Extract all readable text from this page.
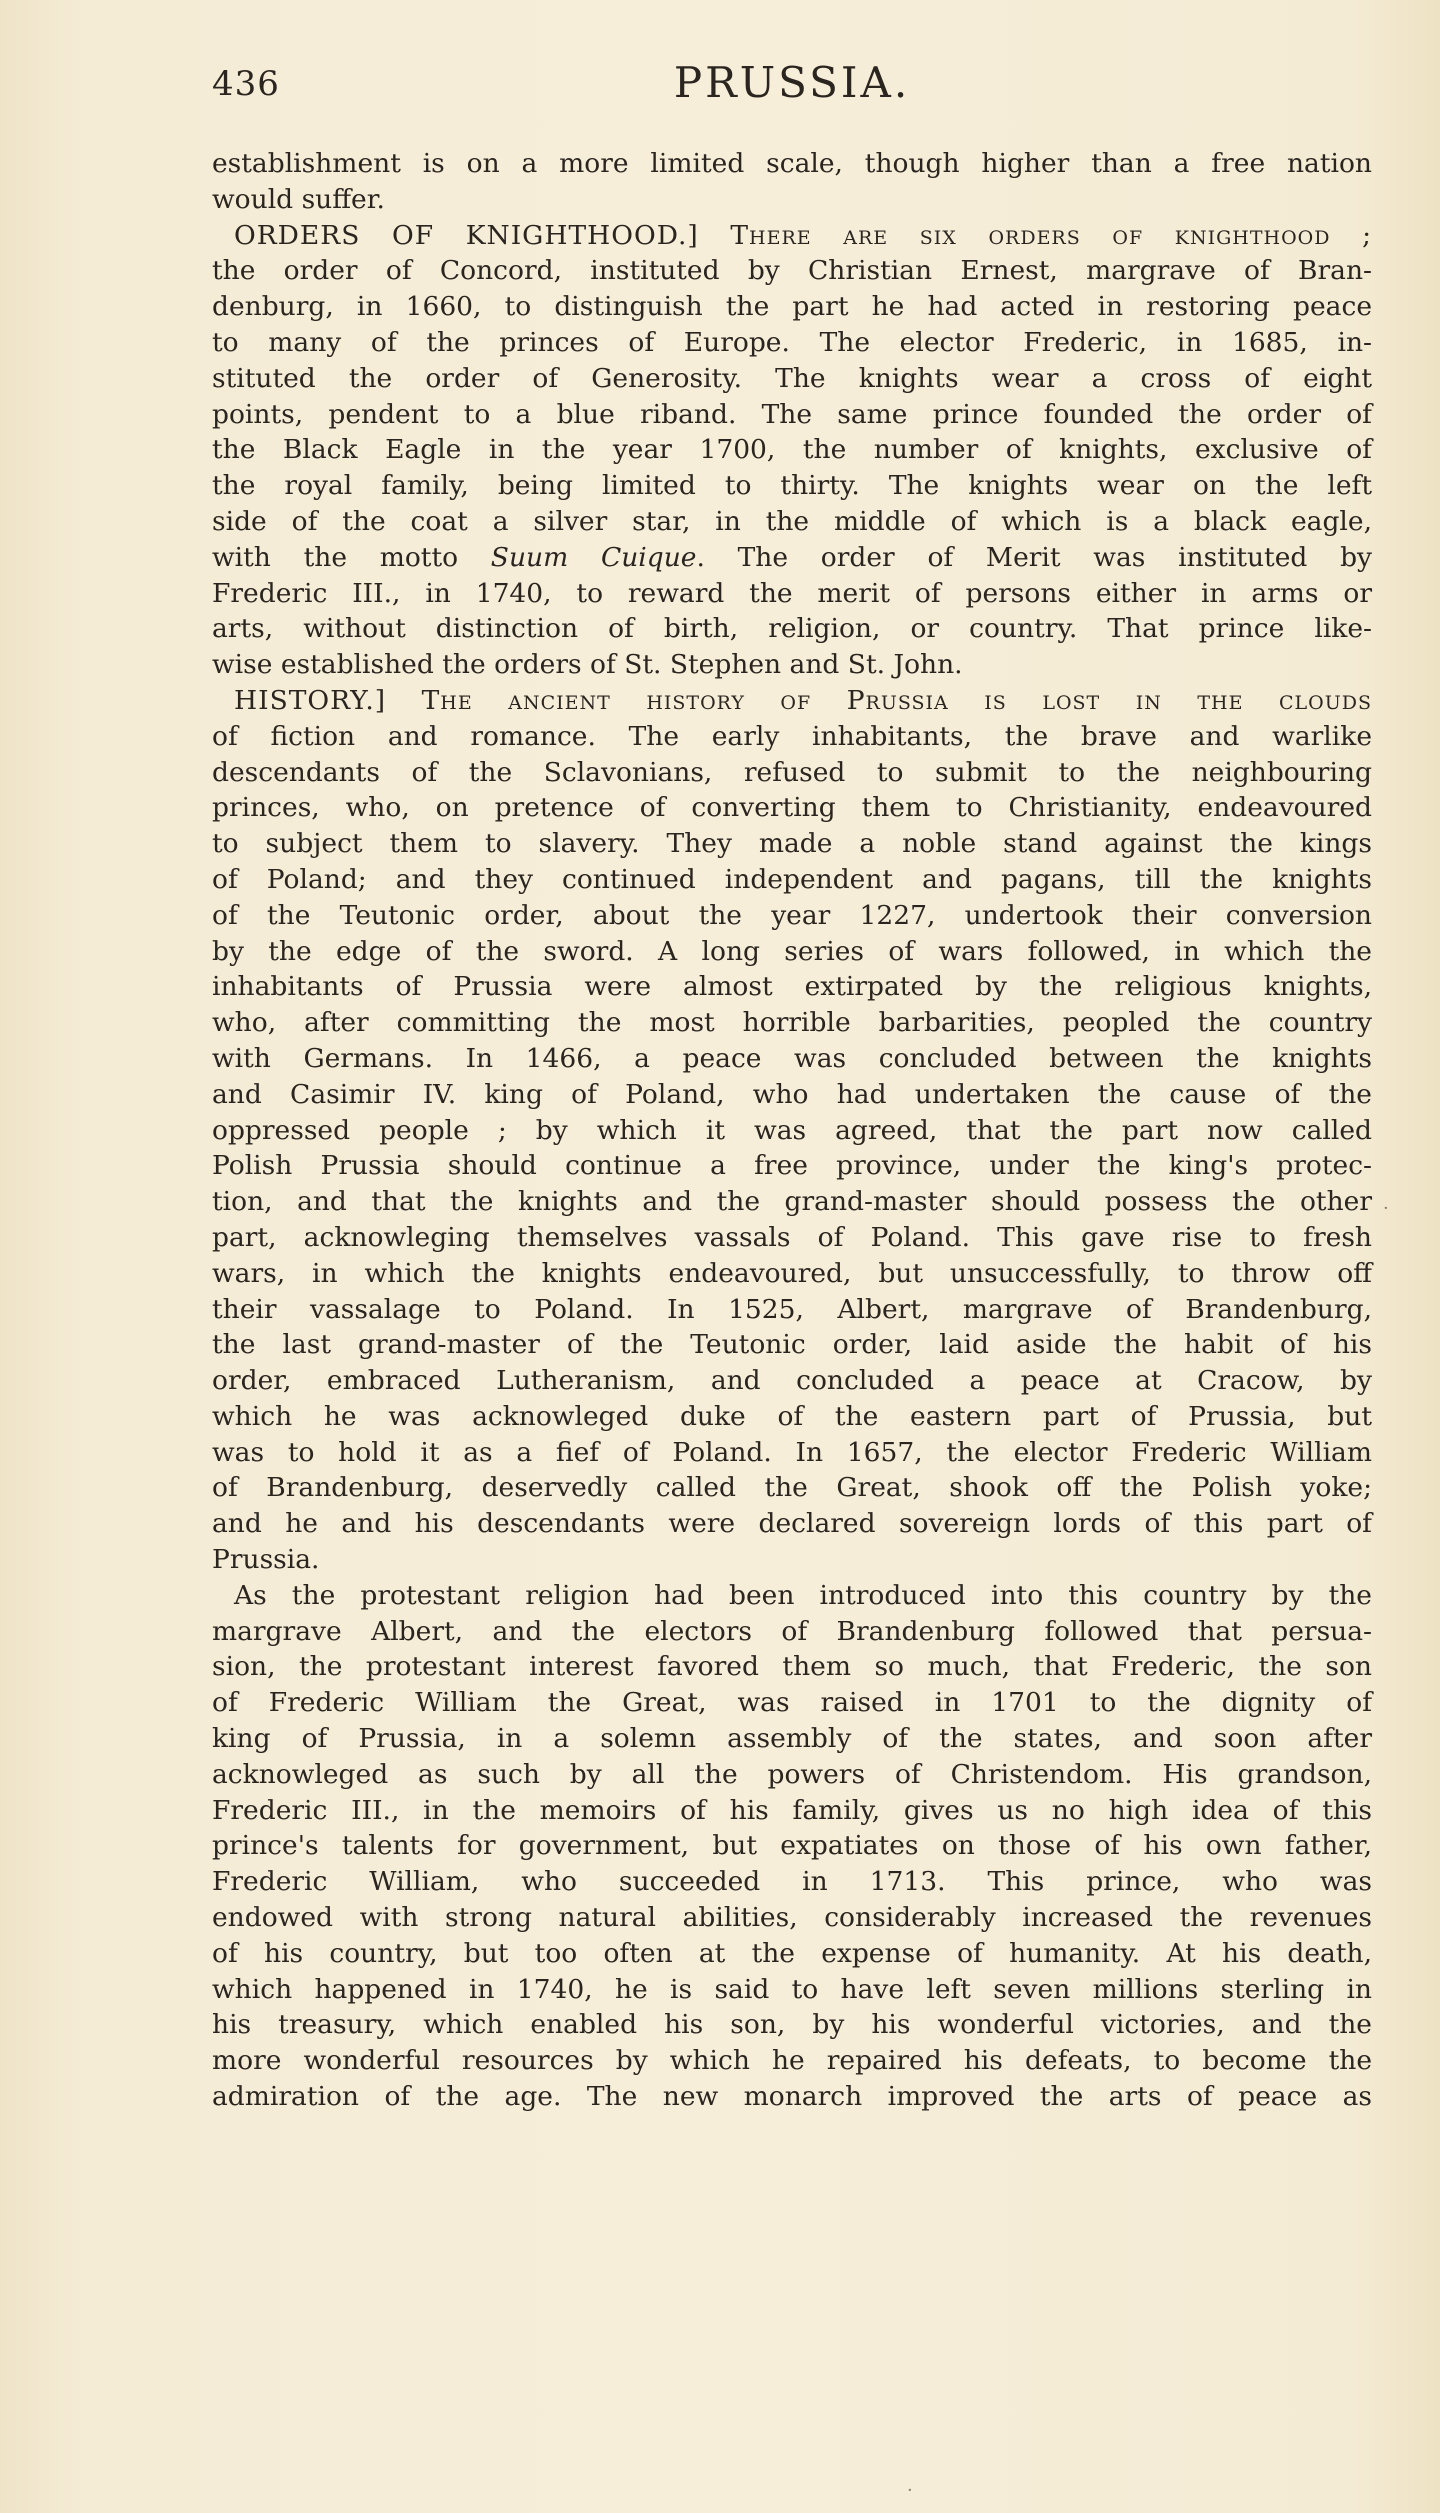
436	PRUSSIA.
establishment is on a more limited scale, though higher than a free nation
would suffer.
ORDERS OF KNIGHTHOOD.] There are six orders of knighthood ;
the order of Concord, instituted by Christian Ernest, margrave of Bran-
denburg, in 1660, to distinguish the part he had acted in restoring peace
to many of the princes of Europe. The elector Frederic, in 1685, in-
stituted the order of Generosity. The knights wear a cross of eight
points, pendent to a blue riband. The same prince founded the order of
the Black Eagle in the year 1700, the number of knights, exclusive of
the royal family, being limited to thirty. The knights wear on the left
side of the coat a silver star, in the middle of which is a black eagle,
with the motto Suum Cuique. The order of Merit was instituted by
Frederic III., in 1740, to reward the merit of persons either in arms or
arts, without distinction of birth, religion, or country. That prince like-
wise established the orders of St. Stephen and St. John.
HISTORY.] The ancient history of Prussia is lost in the clouds
of fiction and romance. The early inhabitants, the brave and warlike
descendants of the Sclavonians, refused to submit to the neighbouring
princes, who, on pretence of converting them to Christianity, endeavoured
to subject them to slavery. They made a noble stand against the kings
of Poland; and they continued independent and pagans, till the knights
of the Teutonic order, about the year 1227, undertook their conversion
by the edge of the sword. A long series of wars followed, in which the
inhabitants of Prussia were almost extirpated by the religious knights,
who, after committing the most horrible barbarities, peopled the country
with Germans. In 1466, a peace was concluded between the knights
and Casimir IV. king of Poland, who had undertaken the cause of the
oppressed people ; by which it was agreed, that the part now called
Polish Prussia should continue a free province, under the king's protec-
tion, and that the knights and the grand-master should possess the other
part, acknowleging themselves vassals of Poland. This gave rise to fresh
wars, in which the knights endeavoured, but unsuccessfully, to throw off
their vassalage to Poland. In 1525, Albert, margrave of Brandenburg,
the last grand-master of the Teutonic order, laid aside the habit of his
order, embraced Lutheranism, and concluded a peace at Cracow, by
which he was acknowleged duke of the eastern part of Prussia, but
was to hold it as a fief of Poland. In 1657, the elector Frederic William
of Brandenburg, deservedly called the Great, shook off the Polish yoke;
and he and his descendants were declared sovereign lords of this part of
Prussia.
As the protestant religion had been introduced into this country by the
margrave Albert, and the electors of Brandenburg followed that persua-
sion, the protestant interest favored them so much, that Frederic, the son
of Frederic William the Great, was raised in 1701 to the dignity of
king of Prussia, in a solemn assembly of the states, and soon after
acknowleged as such by all the powers of Christendom. His grandson,
Frederic III., in the memoirs of his family, gives us no high idea of this
prince's talents for government, but expatiates on those of his own father,
Frederic William, who succeeded in 1713. This prince, who was
endowed with strong natural abilities, considerably increased the revenues
of his country, but too often at the expense of humanity. At his death,
which happened in 1740, he is said to have left seven millions sterling in
his treasury, which enabled his son, by his wonderful victories, and the
more wonderful resources by which he repaired his defeats, to become the
admiration of the age. The new monarch improved the arts of peace as
·
·
